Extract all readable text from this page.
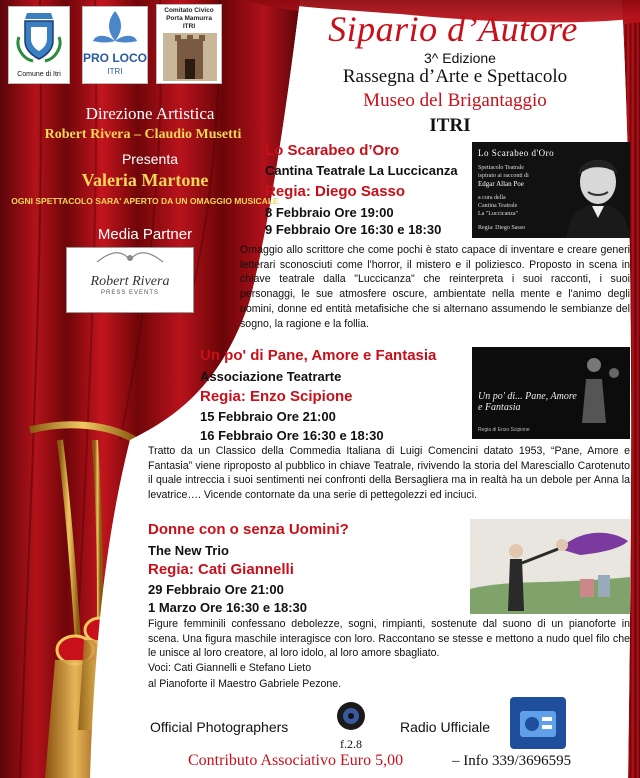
Comune di Itri
PRO LOCO
ITRI
Comitato Civico
Porta Mamurra
ITRI
Direzione Artistica
Robert Rivera – Claudio Musetti
Presenta
Valeria Martone
OGNI SPETTACOLO SARA' APERTO DA UN OMAGGIO MUSICALE
Media Partner
Robert Rivera
PRESS EVENTS
Sipario d’Autore
3^ Edizione
Rassegna d’Arte e Spettacolo
Museo del Brigantaggio
ITRI
Lo Scarabeo d’Oro
Cantina Teatrale La Luccicanza
Regia: Diego Sasso
8 Febbraio Ore 19:00
9 Febbraio Ore 16:30 e 18:30
Lo Scarabeo d'Oro
Spettacolo Teatrale
ispirato ai racconti di
Edgar Allan Poe
a cura della
Cantina Teatrale
La "Luccicanza"
Regia: Diego Sasso
Omaggio allo scrittore che come pochi è stato capace di inventare e creare generi letterari sconosciuti come l'horror, il mistero e il poliziesco. Proposto in scena in chiave teatrale dalla "Luccicanza" che reinterpreta i suoi racconti, i suoi personaggi, le sue atmosfere oscure, ambientate nella mente e l'animo degli uomini, donne ed entità metafisiche che si alternano assumendo le sembianze del sogno, la ragione e la follia.
Un po' di Pane, Amore e Fantasia
Associazione Teatrarte
Regia: Enzo Scipione
15 Febbraio Ore 21:00
16 Febbraio Ore 16:30 e 18:30
Un po' di... Pane, Amore e Fantasia
Regia di Enzo Scipione
Tratto da un Classico della Commedia Italiana di Luigi Comencini datato 1953, “Pane, Amore e Fantasia” viene riproposto al pubblico in chiave Teatrale, rivivendo la storia del Maresciallo Carotenuto il quale intreccia i suoi sentimenti nei confronti della Bersagliera ma in realtà ha un debole per Anna la levatrice…. Vicende contornate da una serie di pettegolezzi ed inciuci.
Donne con o senza Uomini?
The New Trio
Regia: Cati Giannelli
29 Febbraio Ore 21:00
1 Marzo Ore 16:30 e 18:30
Figure femminili confessano debolezze, sogni, rimpianti, sostenute dal suono di un pianoforte in scena. Una figura maschile interagisce con loro. Raccontano se stesse e mettono a nudo quel filo che le unisce al loro creatore, al loro idolo, al loro amore sbagliato.
Voci: Cati Giannelli e Stefano Lieto
al Pianoforte il Maestro Gabriele Pezone.
Official Photographers
f.2.8
Radio Ufficiale
Contributo Associativo Euro 5,00	– Info 339/3696595
